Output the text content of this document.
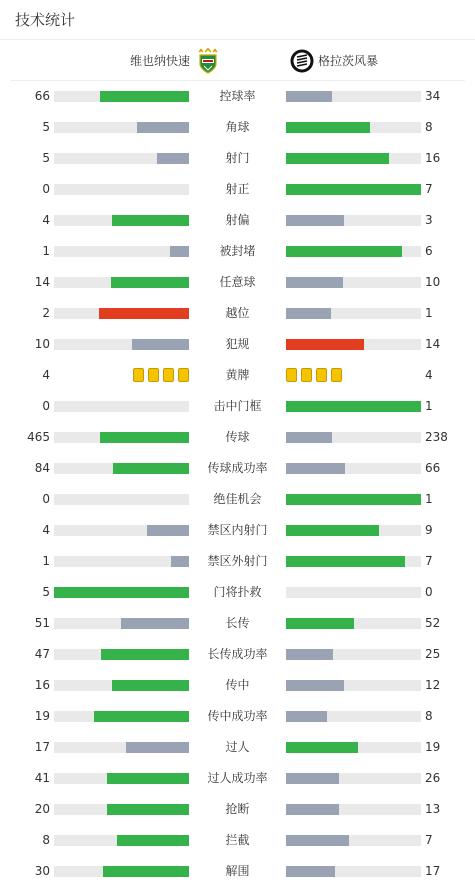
技术统计
维也纳快速	格拉茨风暴
66	控球率	34
5	角球	8
5	射门	16
0	射正	7
4	射偏	3
1	被封堵	6
14	任意球	10
2	越位	1
10	犯规	14
4	黄牌	4
0	击中门框	1
465	传球	238
84	传球成功率	66
0	绝佳机会	1
4	禁区内射门	9
1	禁区外射门	7
5	门将扑救	0
51	长传	52
47	长传成功率	25
16	传中	12
19	传中成功率	8
17	过人	19
41	过人成功率	26
20	抢断	13
8	拦截	7
30	解围	17
